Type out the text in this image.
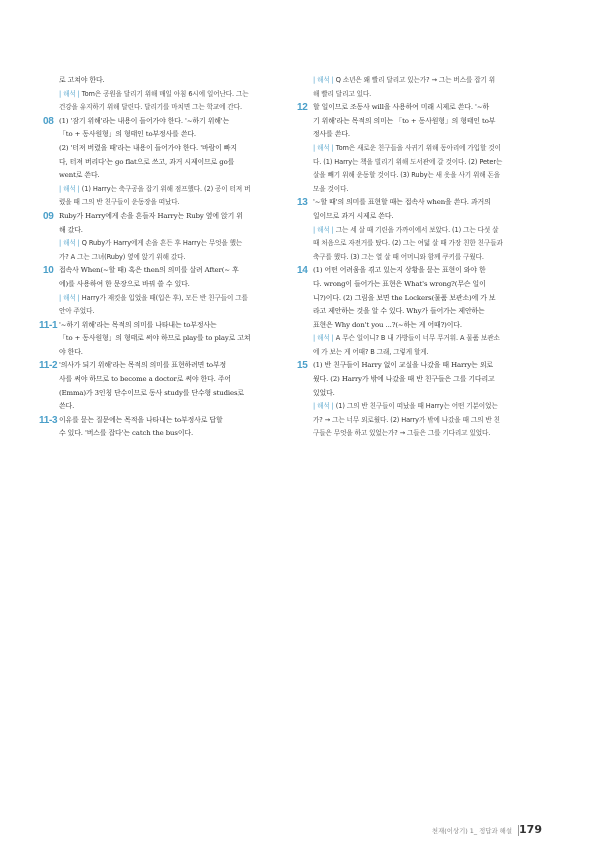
로 고쳐야 한다.
| 해석 | Tom은 공원을 달리기 위해 매일 아침 6시에 일어난다. 그는
건강을 유지하기 위해 달린다. 달리기를 마치면 그는 학교에 간다.
08 (1) '잠기 위해'라는 내용이 들어가야 한다. '~하기 위해'는
「to + 동사원형」의 형태인 to부정사를 쓴다.
(2) '터져 버렸을 때'라는 내용이 들어가야 한다. '바람이 빠지
다, 터져 버리다'는 go flat으로 쓰고, 과거 시제이므로 go를
went로 쓴다.
| 해석 | (1) Harry는 축구공을 잡기 위해 점프했다. (2) 공이 터져 버
렸을 때 그의 반 친구들이 운동장을 떠났다.
09 Ruby가 Harry에게 손을 흔들자 Harry는 Ruby 옆에 앉기 위
해 갔다.
| 해석 | Q Ruby가 Harry에게 손을 흔든 후 Harry는 무엇을 했는
가? A 그는 그녀(Ruby) 옆에 앉기 위해 갔다.
10 접속사 When(~할 때) 혹은 then의 의미를 살려 After(~ 후
에)를 사용하여 한 문장으로 바꿔 쓸 수 있다.
| 해석 | Harry가 재킷을 입었을 때(입은 후), 모든 반 친구들이 그를
안아 주었다.
11-1 '~하기 위해'라는 목적의 의미를 나타내는 to부정사는
「to + 동사원형」의 형태로 써야 하므로 play를 to play로 고쳐
야 한다.
11-2 '의사가 되기 위해'라는 목적의 의미를 표현하려면 to부정
사를 써야 하므로 to become a doctor로 써야 한다. 주어
(Emma)가 3인칭 단수이므로 동사 study를 단수형 studies로
쓴다.
11-3 이유를 묻는 질문에는 목적을 나타내는 to부정사로 답할
수 있다. '버스를 잡다'는 catch the bus이다.
| 해석 | Q 소년은 왜 빨리 달리고 있는가? → 그는 버스를 잡기 위
해 빨리 달리고 있다.
12 할 일이므로 조동사 will을 사용하여 미래 시제로 쓴다. '~하
기 위해'라는 목적의 의미는 「to + 동사원형」의 형태인 to부
정사를 쓴다.
| 해석 | Tom은 새로운 친구들을 사귀기 위해 동아리에 가입할 것이
다. (1) Harry는 책을 빌리기 위해 도서관에 갈 것이다. (2) Peter는
살을 빼기 위해 운동할 것이다. (3) Ruby는 새 옷을 사기 위해 돈을
모을 것이다.
13 '~할 때'의 의미를 표현할 때는 접속사 when을 쓴다. 과거의
일이므로 과거 시제로 쓴다.
| 해석 | 그는 세 살 때 기린을 가까이에서 보았다. (1) 그는 다섯 살
때 처음으로 자전거를 탔다. (2) 그는 여덟 살 때 가장 친한 친구들과
축구를 했다. (3) 그는 열 살 때 어머니와 함께 쿠키를 구웠다.
14 (1) 어떤 어려움을 겪고 있는지 상황을 묻는 표현이 와야 한
다. wrong이 들어가는 표현은 What's wrong?(무슨 일이
니?)이다. (2) 그림을 보면 the Lockers(물품 보관소)에 가 보
라고 제안하는 것을 알 수 있다. Why가 들어가는 제안하는
표현은 Why don't you ...?(~하는 게 어때?)이다.
| 해석 | A 무슨 일이니? B 내 가방들이 너무 무거워. A 물품 보관소
에 가 보는 게 어때? B 그래, 그렇게 할게.
15 (1) 반 친구들이 Harry 없이 교실을 나갔을 때 Harry는 외로
웠다. (2) Harry가 밖에 나갔을 때 반 친구들은 그를 기다리고
있었다.
| 해석 | (1) 그의 반 친구들이 떠났을 때 Harry는 어떤 기분이었는
가? → 그는 너무 외로웠다. (2) Harry가 밖에 나갔을 때 그의 반 친
구들은 무엇을 하고 있었는가? → 그들은 그를 기다리고 있었다.
천재(이상기) 1_ 정답과 해설 179
